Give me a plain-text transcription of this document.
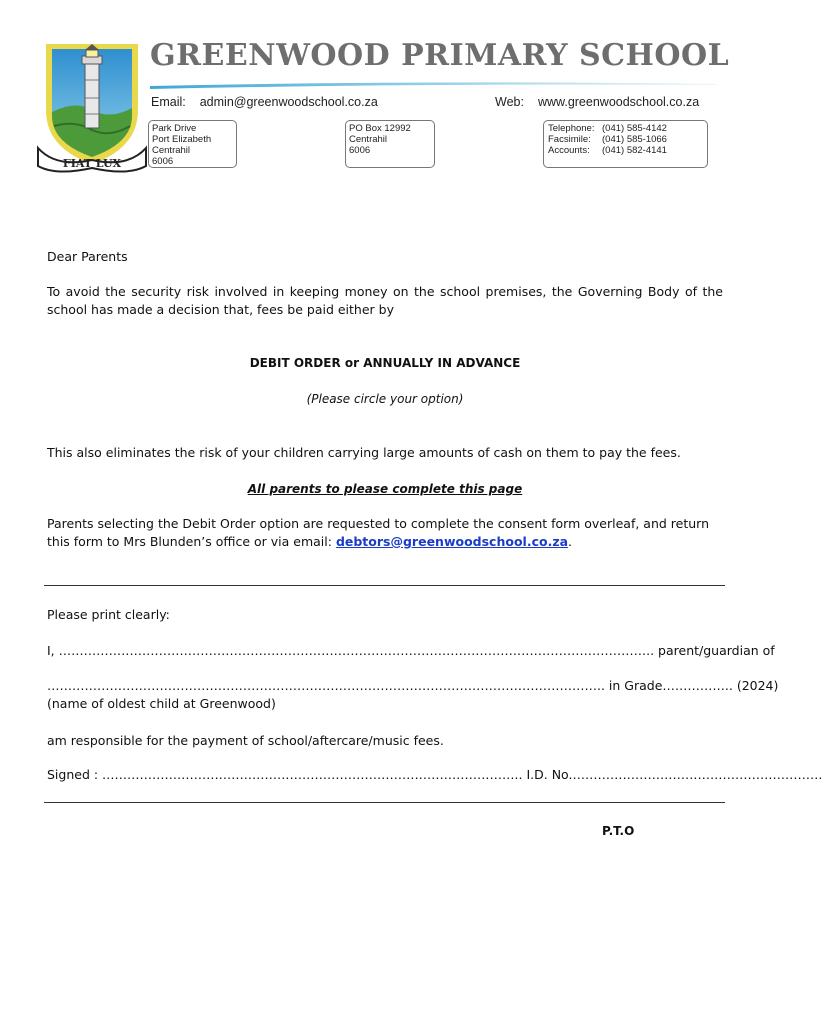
FIAT LUX
GREENWOOD PRIMARY SCHOOL
Email: admin@greenwoodschool.co.za	Web: www.greenwoodschool.co.za
Park Drive
Port Elizabeth
Centrahil
6006
PO Box 12992
Centrahil
6006
Telephone: (041) 585-4142
Facsimile:	(041) 585-1066
Accounts:	(041) 582-4141
Dear Parents
To avoid the security risk involved in keeping money on the school premises, the Governing Body of the
school has made a decision that, fees be paid either by
DEBIT ORDER or ANNUALLY IN ADVANCE
(Please circle your option)
This also eliminates the risk of your children carrying large amounts of cash on them to pay the fees.
All parents to please complete this page
Parents selecting the Debit Order option are requested to complete the consent form overleaf, and return
this form to Mrs Blunden’s office or via email: debtors@greenwoodschool.co.za.
Please print clearly:
I, …………………………………………………………………………………………………………………………….. parent/ guardian of
…………………………………………………………………………………………………………………….. in Grade …………….. (2024)
(name of oldest child at Greenwood)
am responsible for the payment of school/aftercare/music fees.
Signed : ……………………………………………………………………………………….. I.D. No. ……………………………………………………
P.T.O
